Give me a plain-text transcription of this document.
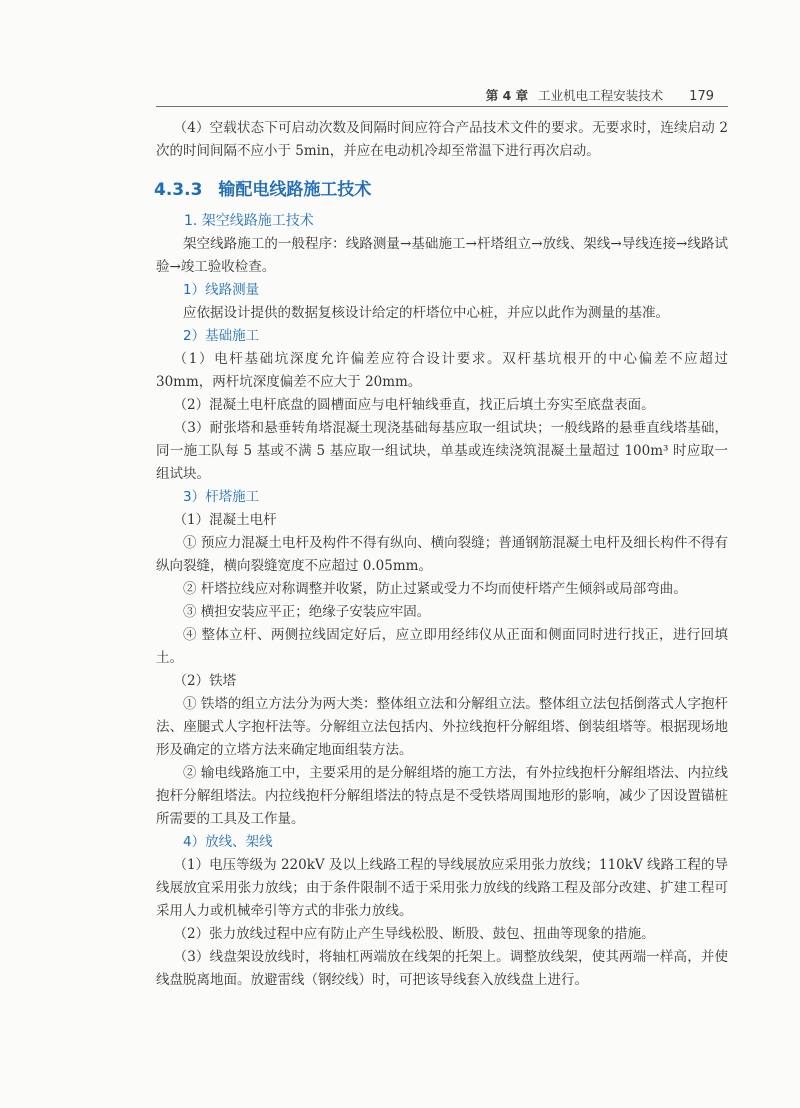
第 4 章 工业机电工程安装技术 179

（4）空载状态下可启动次数及间隔时间应符合产品技术文件的要求。无要求时，连续启动 2 次的时间间隔不应小于 5min，并应在电动机冷却至常温下进行再次启动。

4.3.3 输配电线路施工技术

1. 架空线路施工技术

架空线路施工的一般程序：线路测量→基础施工→杆塔组立→放线、架线→导线连接→线路试验→竣工验收检查。

1）线路测量

应依据设计提供的数据复核设计给定的杆塔位中心桩，并应以此作为测量的基准。

2）基础施工

（1）电杆基础坑深度允许偏差应符合设计要求。双杆基坑根开的中心偏差不应超过 30mm，两杆坑深度偏差不应大于 20mm。

（2）混凝土电杆底盘的圆槽面应与电杆轴线垂直，找正后填土夯实至底盘表面。

（3）耐张塔和悬垂转角塔混凝土现浇基础每基应取一组试块；一般线路的悬垂直线塔基础，同一施工队每 5 基或不满 5 基应取一组试块，单基或连续浇筑混凝土量超过 100m³ 时应取一组试块。

3）杆塔施工

（1）混凝土电杆

① 预应力混凝土电杆及构件不得有纵向、横向裂缝；普通钢筋混凝土电杆及细长构件不得有纵向裂缝，横向裂缝宽度不应超过 0.05mm。

② 杆塔拉线应对称调整并收紧，防止过紧或受力不均而使杆塔产生倾斜或局部弯曲。

③ 横担安装应平正；绝缘子安装应牢固。

④ 整体立杆、两侧拉线固定好后，应立即用经纬仪从正面和侧面同时进行找正，进行回填土。

（2）铁塔

① 铁塔的组立方法分为两大类：整体组立法和分解组立法。整体组立法包括倒落式人字抱杆法、座腿式人字抱杆法等。分解组立法包括内、外拉线抱杆分解组塔、倒装组塔等。根据现场地形及确定的立塔方法来确定地面组装方法。

② 输电线路施工中，主要采用的是分解组塔的施工方法，有外拉线抱杆分解组塔法、内拉线抱杆分解组塔法。内拉线抱杆分解组塔法的特点是不受铁塔周围地形的影响，减少了因设置锚桩所需要的工具及工作量。

4）放线、架线

（1）电压等级为 220kV 及以上线路工程的导线展放应采用张力放线；110kV 线路工程的导线展放宜采用张力放线；由于条件限制不适于采用张力放线的线路工程及部分改建、扩建工程可采用人力或机械牵引等方式的非张力放线。

（2）张力放线过程中应有防止产生导线松股、断股、鼓包、扭曲等现象的措施。

（3）线盘架设放线时，将轴杠两端放在线架的托架上。调整放线架，使其两端一样高，并使线盘脱离地面。放避雷线（钢绞线）时，可把该导线套入放线盘上进行。
